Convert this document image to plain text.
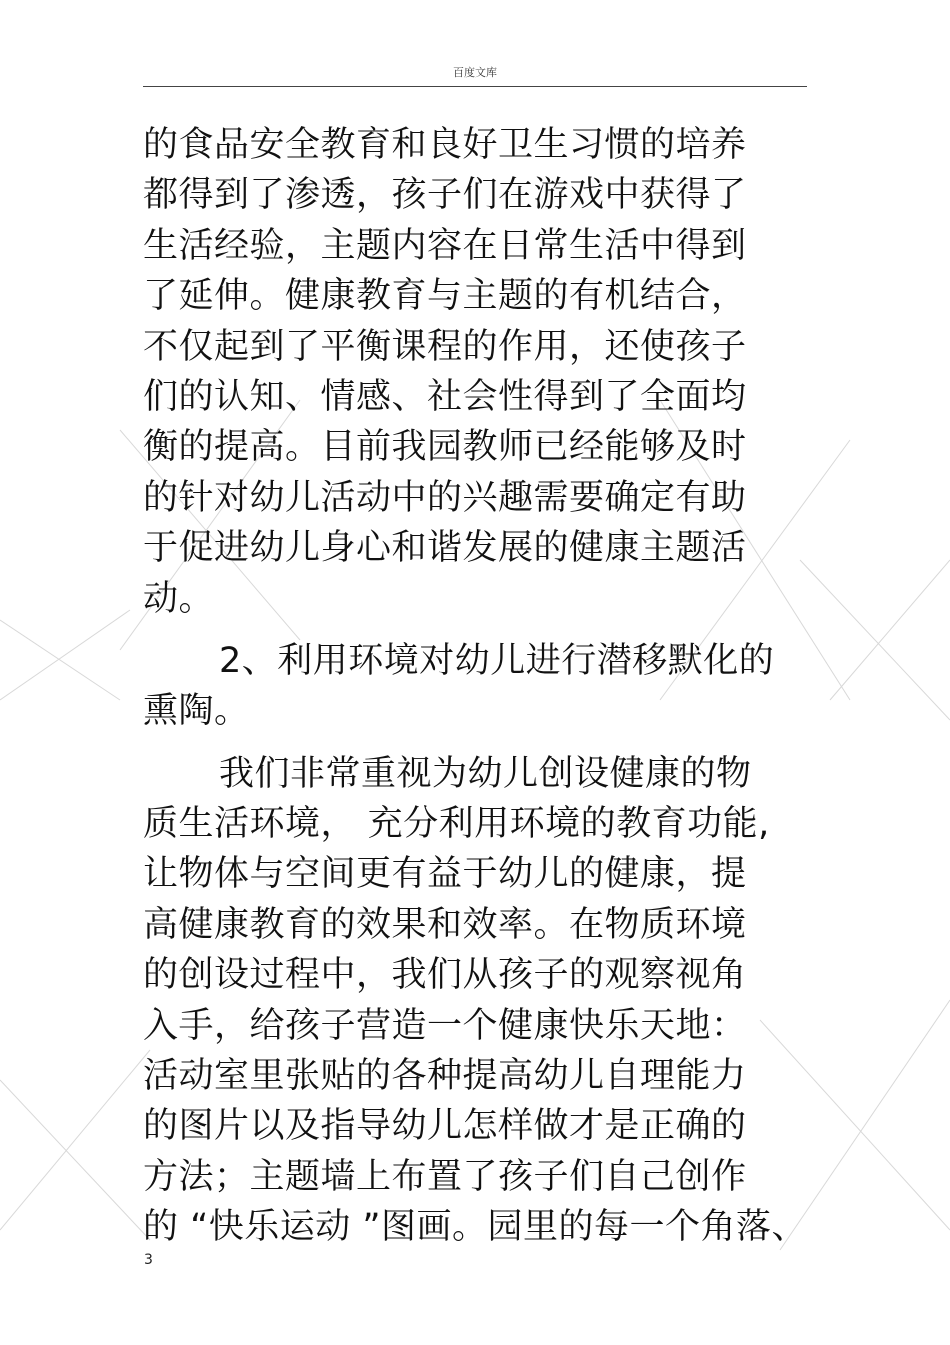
百度文库
的食品安全教育和良好卫生习惯的培养
都得到了渗透，孩子们在游戏中获得了
生活经验，主题内容在日常生活中得到
了延伸。健康教育与主题的有机结合，
不仅起到了平衡课程的作用，还使孩子
们的认知、情感、社会性得到了全面均
衡的提高。目前我园教师已经能够及时
的针对幼儿活动中的兴趣需要确定有助
于促进幼儿身心和谐发展的健康主题活
动。
2、利用环境对幼儿进行潜移默化的
熏陶。
我们非常重视为幼儿创设健康的物
质生活环境， 充分利用环境的教育功能,
让物体与空间更有益于幼儿的健康，提
高健康教育的效果和效率。在物质环境
的创设过程中，我们从孩子的观察视角
入手，给孩子营造一个健康快乐天地：
活动室里张贴的各种提高幼儿自理能力
的图片以及指导幼儿怎样做才是正确的
方法；主题墙上布置了孩子们自己创作
的 “快乐运动 ”图画。园里的每一个角落、
3
